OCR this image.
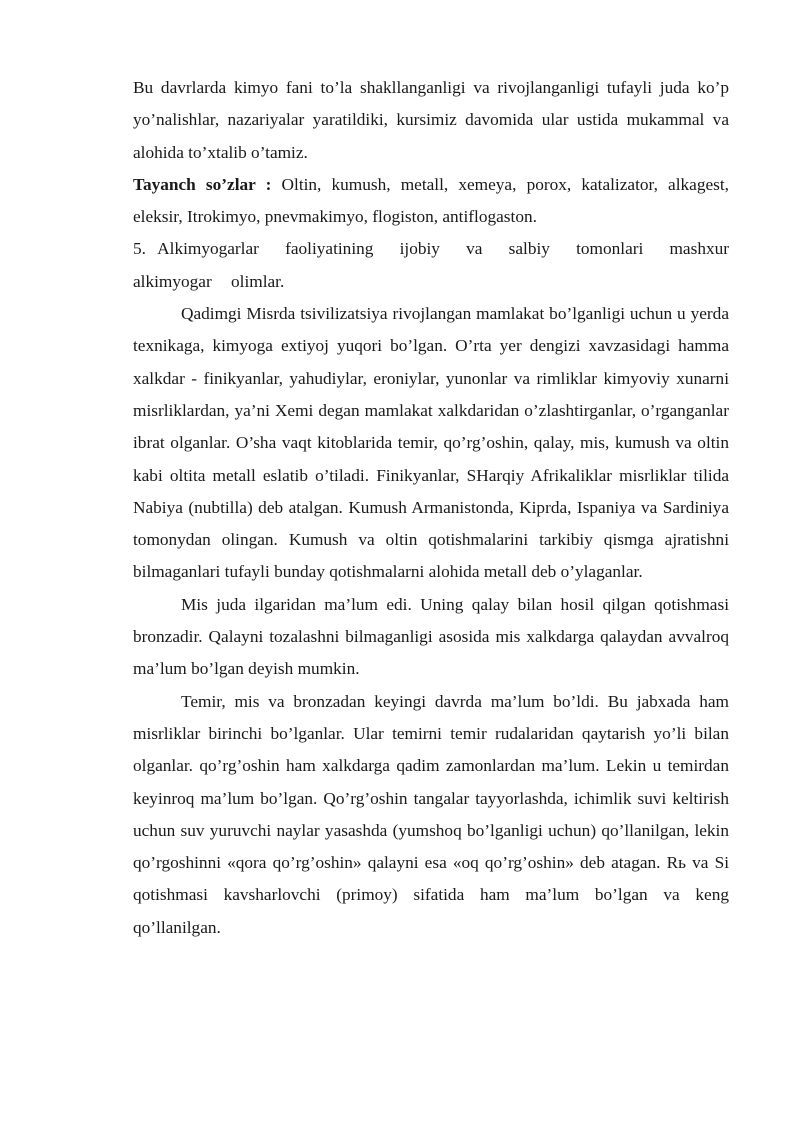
Bu davrlarda kimyo fani to’la shakllanganligi va rivojlanganligi tufayli juda ko’p yo’nalishlar, nazariyalar yaratildiki, kursimiz davomida ular ustida mukammal va alohida to’xtalib o’tamiz.

Tayanch so’zlar : Oltin, kumush, metall, xemeya, porox, katalizator, alkagest, eleksir, Itrokimyo, pnevmakimyo, flogiston, antiflogaston.

5. Alkimyogarlar faoliyatining ijobiy va salbiy tomonlari mashxur alkimyogar olimlar.

Qadimgi Misrda tsivilizatsiya rivojlangan mamlakat bo’lganligi uchun u yerda texnikaga, kimyoga extiyoj yuqori bo’lgan. O’rta yer dengizi xavzasidagi hamma xalkdar - finikyanlar, yahudiylar, eroniylar, yunonlar va rimliklar kimyoviy xunarni misrliklardan, ya’ni Xemi degan mamlakat xalkdaridan o’zlashtirganlar, o’rganganlar ibrat olganlar. O’sha vaqt kitoblarida temir, qo’rg’oshin, qalay, mis, kumush va oltin kabi oltita metall eslatib o’tiladi. Finikyanlar, SHarqiy Afrikaliklar misrliklar tilida Nabiya (nubtilla) deb atalgan. Kumush Armanistonda, Kiprda, Ispaniya va Sardiniya tomonydan olingan. Kumush va oltin qotishmalarini tarkibiy qismga ajratishni bilmaganlari tufayli bunday qotishmalarni alohida metall deb o’ylaganlar.

Mis juda ilgaridan ma’lum edi. Uning qalay bilan hosil qilgan qotishmasi bronzadir. Qalayni tozalashni bilmaganligi asosida mis xalkdarga qalaydan avvalroq ma’lum bo’lgan deyish mumkin.

Temir, mis va bronzadan keyingi davrda ma’lum bo’ldi. Bu jabxada ham misrliklar birinchi bo’lganlar. Ular temirni temir rudalaridan qaytarish yo’li bilan olganlar. qo’rg’oshin ham xalkdarga qadim zamonlardan ma’lum. Lekin u temirdan keyinroq ma’lum bo’lgan. Qo’rg’oshin tangalar tayyorlashda, ichimlik suvi keltirish uchun suv yuruvchi naylar yasashda (yumshoq bo’lganligi uchun) qo’llanilgan, lekin qo’rgoshinni «qora qo’rg’oshin» qalayni esa «oq qo’rg’oshin» deb atagan. Rь va Si qotishmasi kavsharlovchi (primoy) sifatida ham ma’lum bo’lgan va keng qo’llanilgan.
